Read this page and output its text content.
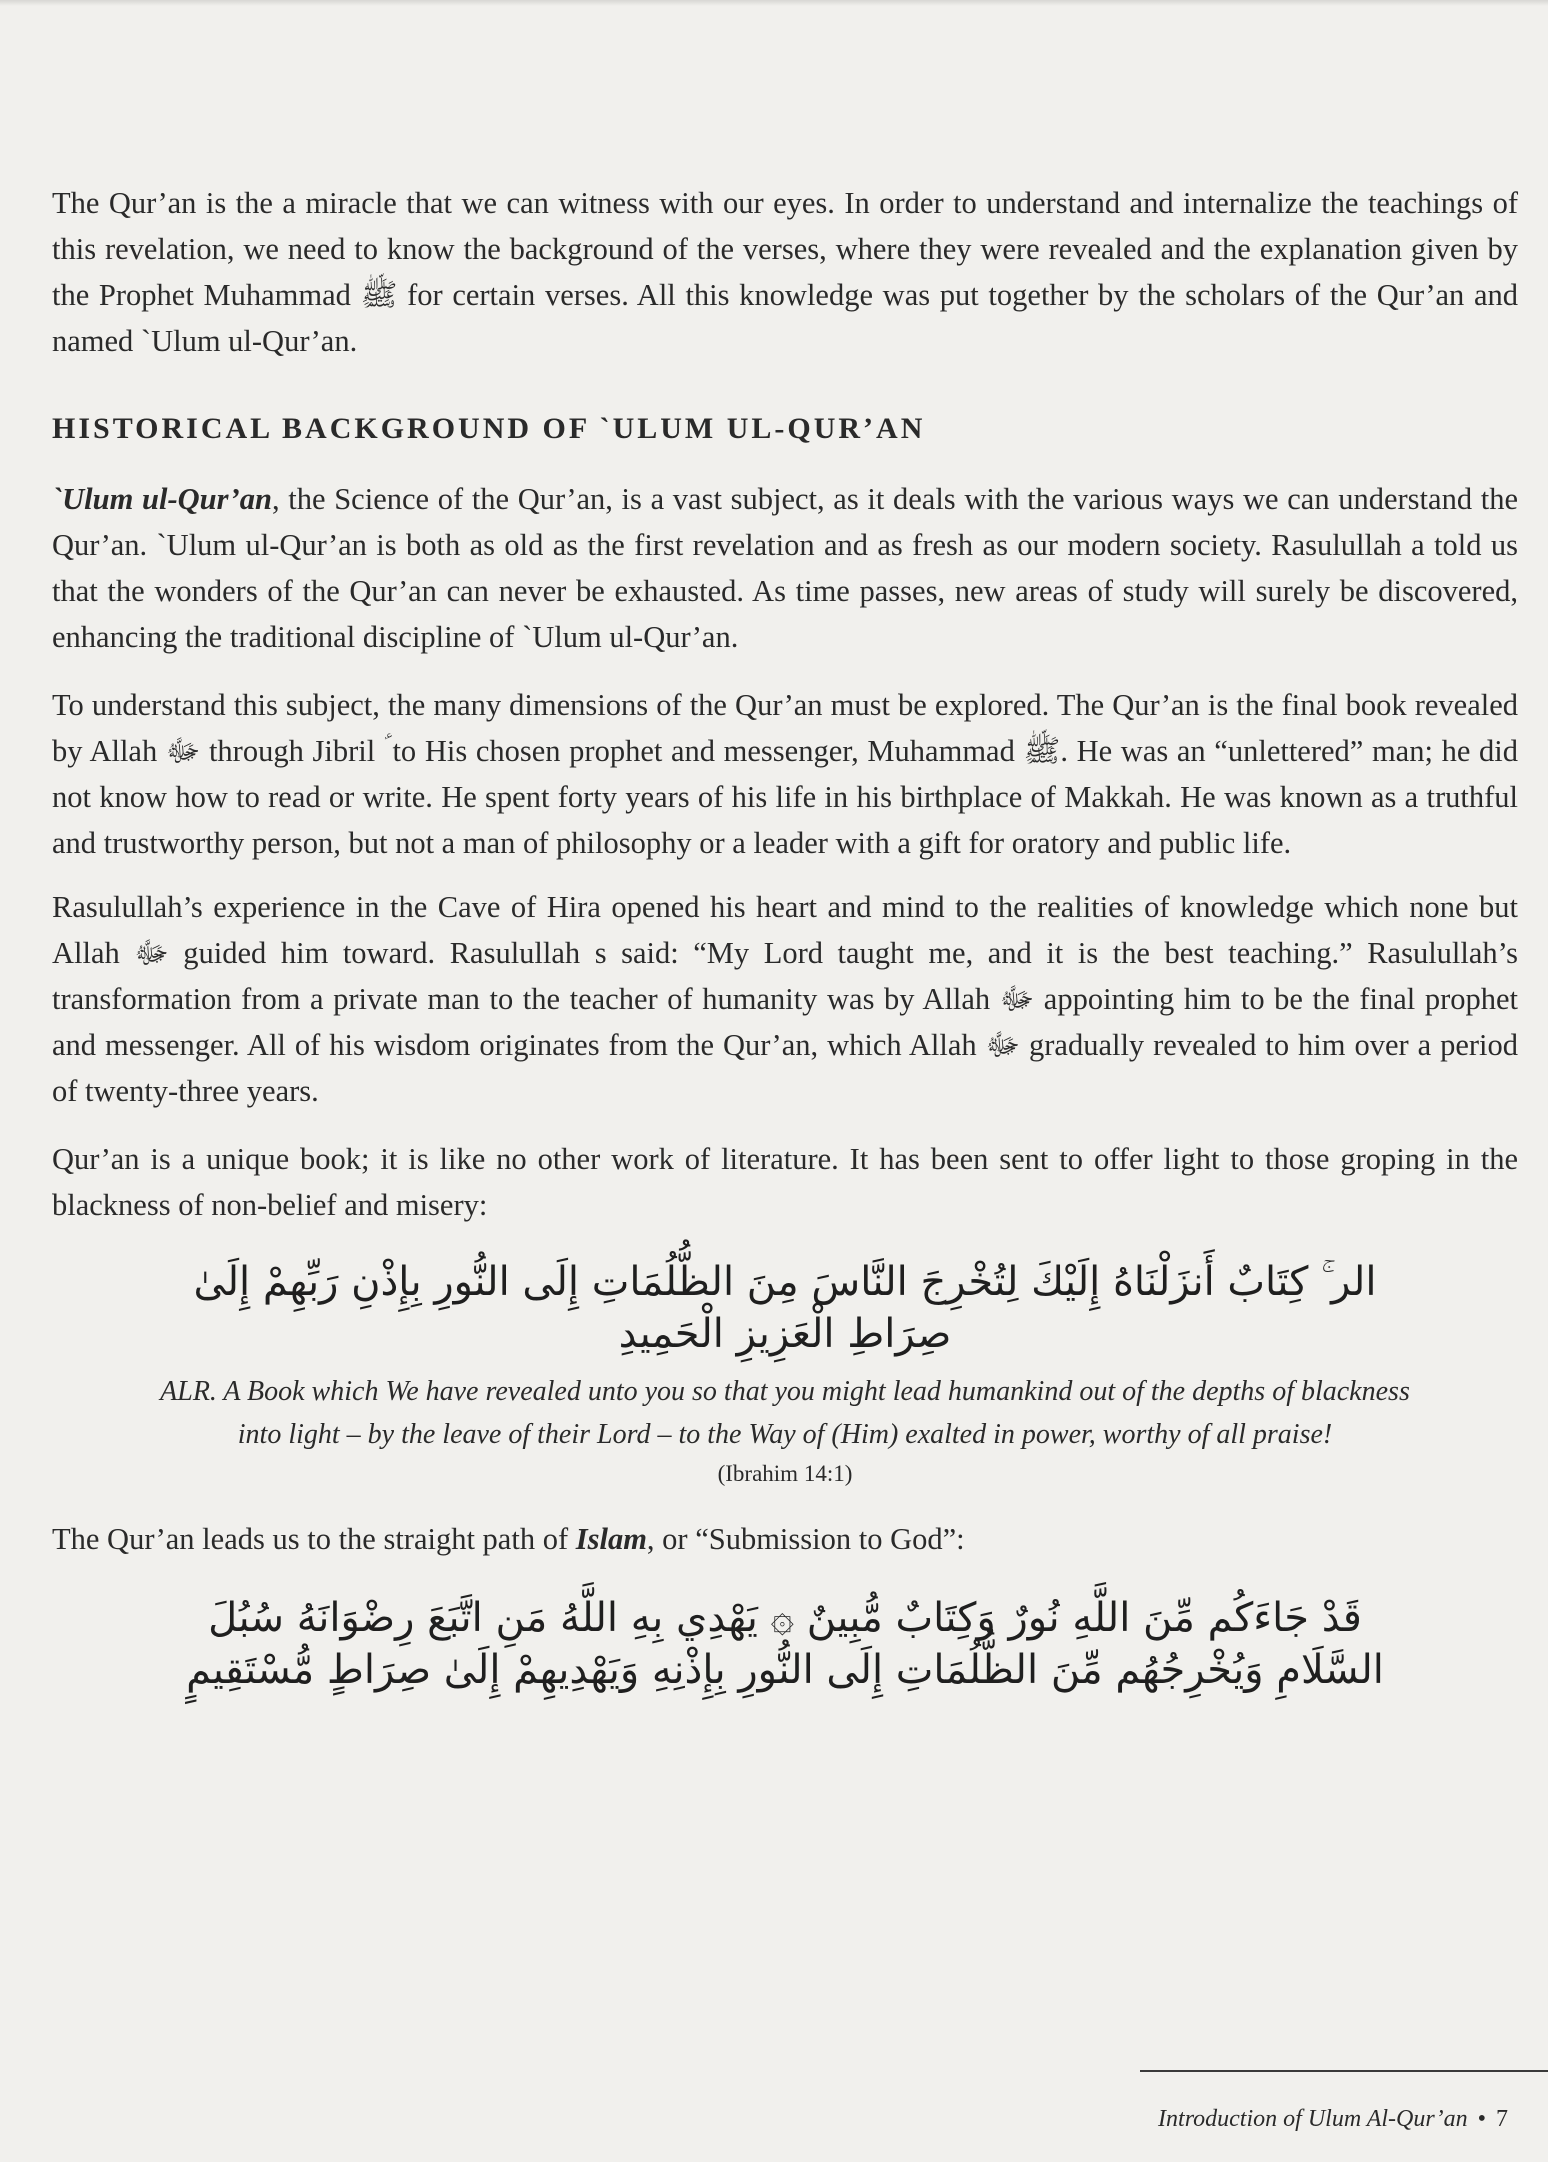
The Qur’an is the a miracle that we can witness with our eyes. In order to understand and internalize the teachings of this revelation, we need to know the background of the verses, where they were revealed and the explanation given by the Prophet Muhammad ﷺ for certain verses. All this knowledge was put together by the scholars of the Qur’an and named `Ulum ul-Qur’an.

HISTORICAL BACKGROUND OF `ULUM UL-QUR’AN

`Ulum ul-Qur’an, the Science of the Qur’an, is a vast subject, as it deals with the various ways we can understand the Qur’an. `Ulum ul-Qur’an is both as old as the first revelation and as fresh as our modern society. Rasulullah a told us that the wonders of the Qur’an can never be exhausted. As time passes, new areas of study will surely be discovered, enhancing the traditional discipline of `Ulum ul-Qur’an.

To understand this subject, the many dimensions of the Qur’an must be explored. The Qur’an is the final book revealed by Allah ﷻ through Jibril ؑ to His chosen prophet and messenger, Muhammad ﷺ. He was an “unlettered” man; he did not know how to read or write. He spent forty years of his life in his birthplace of Makkah. He was known as a truthful and trustworthy person, but not a man of philosophy or a leader with a gift for oratory and public life.

Rasulullah’s experience in the Cave of Hira opened his heart and mind to the realities of knowledge which none but Allah ﷻ guided him toward. Rasulullah s said: “My Lord taught me, and it is the best teaching.” Rasulullah’s transformation from a private man to the teacher of humanity was by Allah ﷻ appointing him to be the final prophet and messenger. All of his wisdom originates from the Qur’an, which Allah ﷻ gradually revealed to him over a period of twenty-three years.

Qur’an is a unique book; it is like no other work of literature. It has been sent to offer light to those groping in the blackness of non-belief and misery:

الر ۚ كِتَابٌ أَنزَلْنَاهُ إِلَيْكَ لِتُخْرِجَ النَّاسَ مِنَ الظُّلُمَاتِ إِلَى النُّورِ بِإِذْنِ رَبِّهِمْ إِلَىٰ
صِرَاطِ الْعَزِيزِ الْحَمِيدِ
ALR. A Book which We have revealed unto you so that you might lead humankind out of the depths of blackness into light – by the leave of their Lord – to the Way of (Him) exalted in power, worthy of all praise!
(Ibrahim 14:1)

The Qur’an leads us to the straight path of Islam, or “Submission to God”:

قَدْ جَاءَكُم مِّنَ اللَّهِ نُورٌ وَكِتَابٌ مُّبِينٌ ۞ يَهْدِي بِهِ اللَّهُ مَنِ اتَّبَعَ رِضْوَانَهُ سُبُلَ
السَّلَامِ وَيُخْرِجُهُم مِّنَ الظُّلُمَاتِ إِلَى النُّورِ بِإِذْنِهِ وَيَهْدِيهِمْ إِلَىٰ صِرَاطٍ مُّسْتَقِيمٍ
Introduction of Ulum Al-Qur’an • 7
